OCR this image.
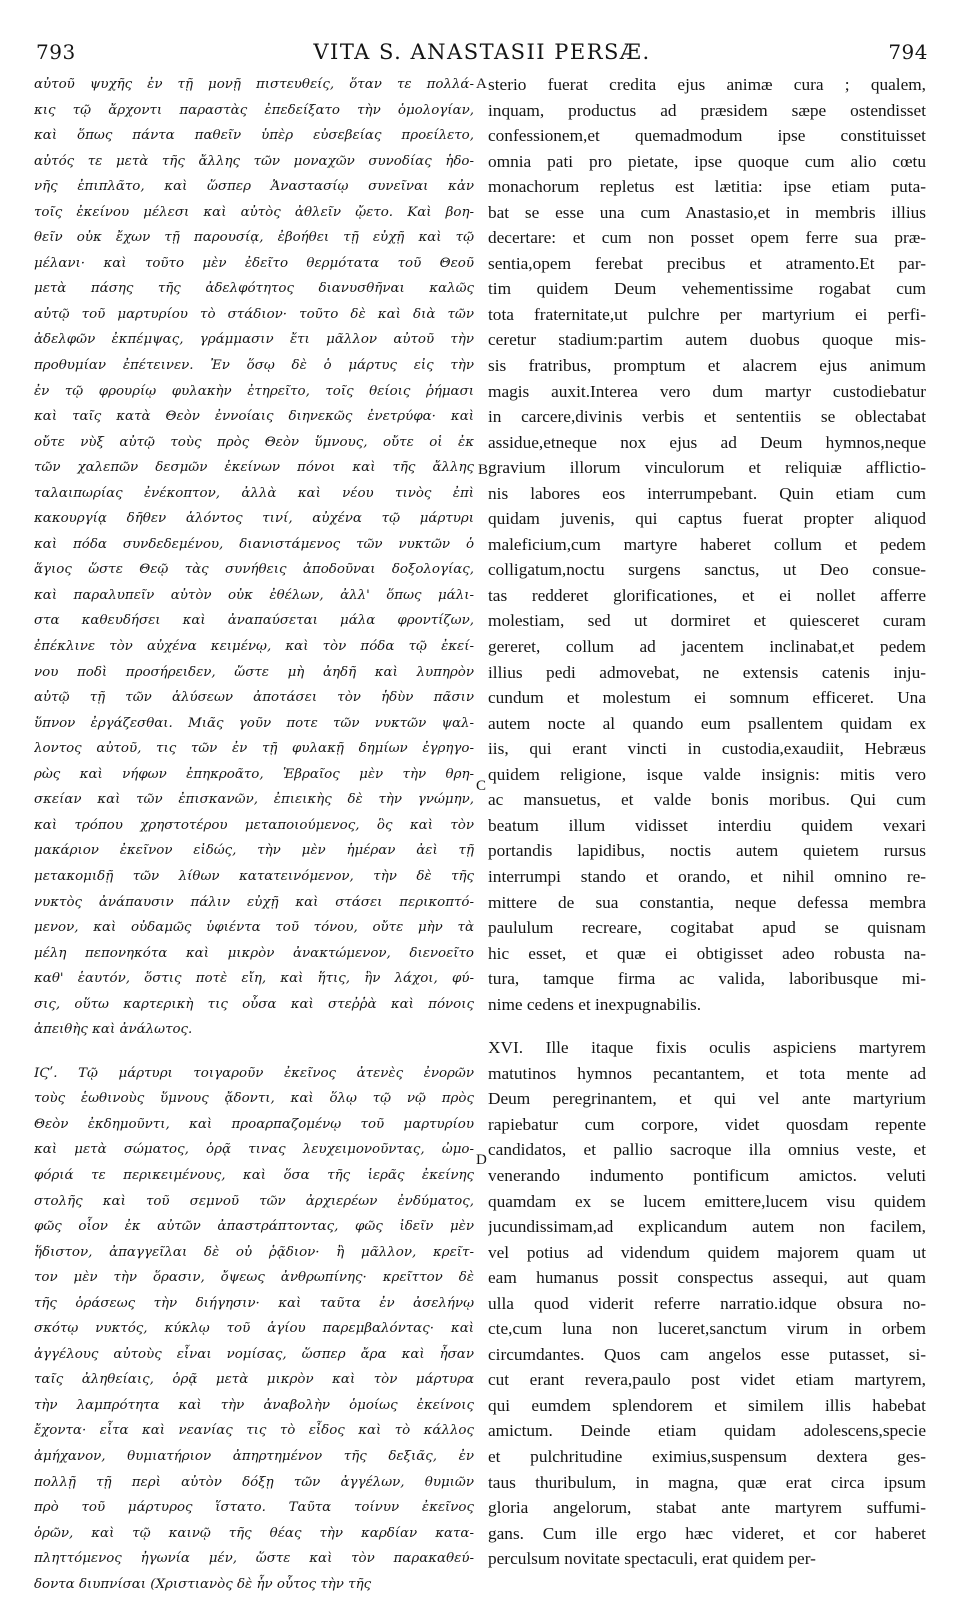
793	VITA S. ANASTASII PERSÆ.	794
αὐτοῦ ψυχῆς ἐν τῇ μονῇ πιστευθείς, ὅταν τε πολλά-
κις τῷ ἄρχοντι παραστὰς ἐπεδείξατο τὴν ὁμολογίαν,
καὶ ὅπως πάντα παθεῖν ὑπὲρ εὐσεβείας προείλετο,
αὐτός τε μετὰ τῆς ἄλλης τῶν μοναχῶν συνοδίας ἡδο-
νῆς ἐπιπλᾶτο, καὶ ὥσπερ Ἀναστασίῳ συνεῖναι κἀν
τοῖς ἐκείνου μέλεσι καὶ αὐτὸς ἀθλεῖν ᾤετο. Καὶ βοη-
θεῖν οὐκ ἔχων τῇ παρουσίᾳ, ἐβοήθει τῇ εὐχῇ καὶ τῷ
μέλανι· καὶ τοῦτο μὲν ἐδεῖτο θερμότατα τοῦ Θεοῦ
μετὰ πάσης τῆς ἀδελφότητος διανυσθῆναι καλῶς
αὐτῷ τοῦ μαρτυρίου τὸ στάδιον· τοῦτο δὲ καὶ διὰ τῶν
ἀδελφῶν ἐκπέμψας, γράμμασιν ἔτι μᾶλλον αὐτοῦ τὴν
προθυμίαν ἐπέτεινεν. Ἐν ὅσῳ δὲ ὁ μάρτυς εἰς τὴν
ἐν τῷ φρουρίῳ φυλακὴν ἐτηρεῖτο, τοῖς θείοις ῥήμασι
καὶ ταῖς κατὰ Θεὸν ἐννοίαις διηνεκῶς ἐνετρύφα· καὶ
οὔτε νὺξ αὐτῷ τοὺς πρὸς Θεὸν ὕμνους, οὔτε οἱ ἐκ
τῶν χαλεπῶν δεσμῶν ἐκείνων πόνοι καὶ τῆς ἄλλης
ταλαιπωρίας ἐνέκοπτον, ἀλλὰ καὶ νέου τινὸς ἐπὶ
κακουργίᾳ δῆθεν ἁλόντος τινί, αὐχένα τῷ μάρτυρι
καὶ πόδα συνδεδεμένου, διανιστάμενος τῶν νυκτῶν ὁ
ἅγιος ὥστε Θεῷ τὰς συνήθεις ἀποδοῦναι δοξολογίας,
καὶ παραλυπεῖν αὐτὸν οὐκ ἐθέλων, ἀλλ' ὅπως μάλι-
στα καθευδήσει καὶ ἀναπαύσεται μάλα φροντίζων,
ἐπέκλινε τὸν αὐχένα κειμένῳ, καὶ τὸν πόδα τῷ ἐκεί-
νου ποδὶ προσήρειδεν, ὥστε μὴ ἀηδῆ καὶ λυπηρὸν
αὐτῷ τῇ τῶν ἁλύσεων ἀποτάσει τὸν ἡδὺν πᾶσιν
ὕπνον ἐργάζεσθαι. Μιᾶς γοῦν ποτε τῶν νυκτῶν ψαλ-
λοντος αὐτοῦ, τις τῶν ἐν τῇ φυλακῇ δημίων ἐγρηγο-
ρὼς καὶ νήφων ἐπηκροᾶτο, Ἑβραῖος μὲν τὴν θρη-
σκείαν καὶ τῶν ἐπισκανῶν, ἐπιεικὴς δὲ τὴν γνώμην,
καὶ τρόπου χρηστοτέρου μεταποιούμενος, ὃς καὶ τὸν
μακάριον ἐκεῖνον εἰδώς, τὴν μὲν ἡμέραν ἀεὶ τῇ
μετακομιδῇ τῶν λίθων κατατεινόμενον, τὴν δὲ τῆς
νυκτὸς ἀνάπαυσιν πάλιν εὐχῇ καὶ στάσει περικοπτό-
μενον, καὶ οὐδαμῶς ὑφιέντα τοῦ τόνου, οὔτε μὴν τὰ
μέλη πεπονηκότα καὶ μικρὸν ἀνακτώμενον, διενοεῖτο
καθ' ἑαυτόν, ὅστις ποτὲ εἴη, καὶ ἥτις, ἣν λάχοι, φύ-
σις, οὕτω καρτερικὴ τις οὖσα καὶ στεῤῥὰ καὶ πόνοις
ἀπειθὴς καὶ ἀνάλωτος.
ΙϚʹ. Τῷ μάρτυρι τοιγαροῦν ἐκεῖνος ἀτενὲς ἐνορῶν
τοὺς ἑωθινοὺς ὕμνους ᾄδοντι, καὶ ὅλῳ τῷ νῷ πρὸς
Θεὸν ἐκδημοῦντι, καὶ προαρπαζομένῳ τοῦ μαρτυρίου
καὶ μετὰ σώματος, ὁρᾷ τινας λευχειμονοῦντας, ὠμο-
φόριά τε περικειμένους, καὶ ὅσα τῆς ἱερᾶς ἐκείνης
στολῆς καὶ τοῦ σεμνοῦ τῶν ἀρχιερέων ἐνδύματος,
φῶς οἷον ἐκ αὐτῶν ἀπαστράπτοντας, φῶς ἰδεῖν μὲν
ἥδιστον, ἀπαγγεῖλαι δὲ οὐ ῥᾷδιον· ἢ μᾶλλον, κρεῖτ-
τον μὲν τὴν ὅρασιν, ὄψεως ἀνθρωπίνης· κρεῖττον δὲ
τῆς ὁράσεως τὴν διήγησιν· καὶ ταῦτα ἐν ἀσελήνῳ
σκότῳ νυκτός, κύκλῳ τοῦ ἁγίου παρεμβαλόντας· καὶ
ἀγγέλους αὐτοὺς εἶναι νομίσας, ὥσπερ ἄρα καὶ ἦσαν
ταῖς ἀληθείαις, ὁρᾷ μετὰ μικρὸν καὶ τὸν μάρτυρα
τὴν λαμπρότητα καὶ τὴν ἀναβολὴν ὁμοίως ἐκείνοις
ἔχοντα· εἶτα καὶ νεανίας τις τὸ εἶδος καὶ τὸ κάλλος
ἀμήχανον, θυμιατήριον ἀπηρτημένον τῆς δεξιᾶς, ἐν
πολλῇ τῇ περὶ αὐτὸν δόξῃ τῶν ἀγγέλων, θυμιῶν
πρὸ τοῦ μάρτυρος ἵστατο. Ταῦτα τοίνυν ἐκεῖνος
ὁρῶν, καὶ τῷ καινῷ τῆς θέας τὴν καρδίαν κατα-
πληττόμενος ἠγωνία μέν, ὥστε καὶ τὸν παρακαθεύ-
δοντα διυπνίσαι (Χριστιανὸς δὲ ἦν οὗτος τὴν τῆς
sterio fuerat credita ejus animæ cura ; qualem,
inquam, productus ad præsidem sæpe ostendisset
confessionem,et quemadmodum ipse constituisset
omnia pati pro pietate, ipse quoque cum alio cœtu
monachorum repletus est lætitia: ipse etiam puta-
bat se esse una cum Anastasio,et in membris illius
decertare: et cum non posset opem ferre sua præ-
sentia,opem ferebat precibus et atramento.Et par-
tim quidem Deum vehementissime rogabat cum
tota fraternitate,ut pulchre per martyrium ei perfi-
ceretur stadium:partim autem duobus quoque mis-
sis fratribus, promptum et alacrem ejus animum
magis auxit.Interea vero dum martyr custodiebatur
in carcere,divinis verbis et sententiis se oblectabat
assidue,etneque nox ejus ad Deum hymnos,neque
gravium illorum vinculorum et reliquiæ afflictio-
nis labores eos interrumpebant. Quin etiam cum
quidam juvenis, qui captus fuerat propter aliquod
maleficium,cum martyre haberet collum et pedem
colligatum,noctu surgens sanctus, ut Deo consue-
tas redderet glorificationes, et ei nollet afferre
molestiam, sed ut dormiret et quiesceret curam
gereret, collum ad jacentem inclinabat,et pedem
illius pedi admovebat, ne extensis catenis inju-
cundum et molestum ei somnum efficeret. Una
autem nocte al quando eum psallentem quidam ex
iis, qui erant vincti in custodia,exaudiit, Hebræus
quidem religione, isque valde insignis: mitis vero
ac mansuetus, et valde bonis moribus. Qui cum
beatum illum vidisset interdiu quidem vexari
portandis lapidibus, noctis autem quietem rursus
interrumpi stando et orando, et nihil omnino re-
mittere de sua constantia, neque defessa membra
paululum recreare, cogitabat apud se quisnam
hic esset, et quæ ei obtigisset adeo robusta na-
tura, tamque firma ac valida, laboribusque mi-
nime cedens et inexpugnabilis.
XVI. Ille itaque fixis oculis aspiciens martyrem
matutinos hymnos pecantantem, et tota mente ad
Deum peregrinantem, et qui vel ante martyrium
rapiebatur cum corpore, videt quosdam repente
candidatos, et pallio sacroque illa omnius veste, et
venerando indumento pontificum amictos. veluti
quamdam ex se lucem emittere,lucem visu quidem
jucundissimam,ad explicandum autem non facilem,
vel potius ad videndum quidem majorem quam ut
eam humanus possit conspectus assequi, aut quam
ulla quod viderit referre narratio.idque obsura no-
cte,cum luna non luceret,sanctum virum in orbem
circumdantes. Quos cam angelos esse putasset, si-
cut erant revera,paulo post videt etiam martyrem,
qui eumdem splendorem et similem illis habebat
amictum. Deinde etiam quidam adolescens,specie
et pulchritudine eximius,suspensum dextera ges-
taus thuribulum, in magna, quæ erat circa ipsum
gloria angelorum, stabat ante martyrem suffumi-
gans. Cum ille ergo hæc videret, et cor haberet
perculsum novitate spectaculi, erat quidem per-
A
B
C
D
